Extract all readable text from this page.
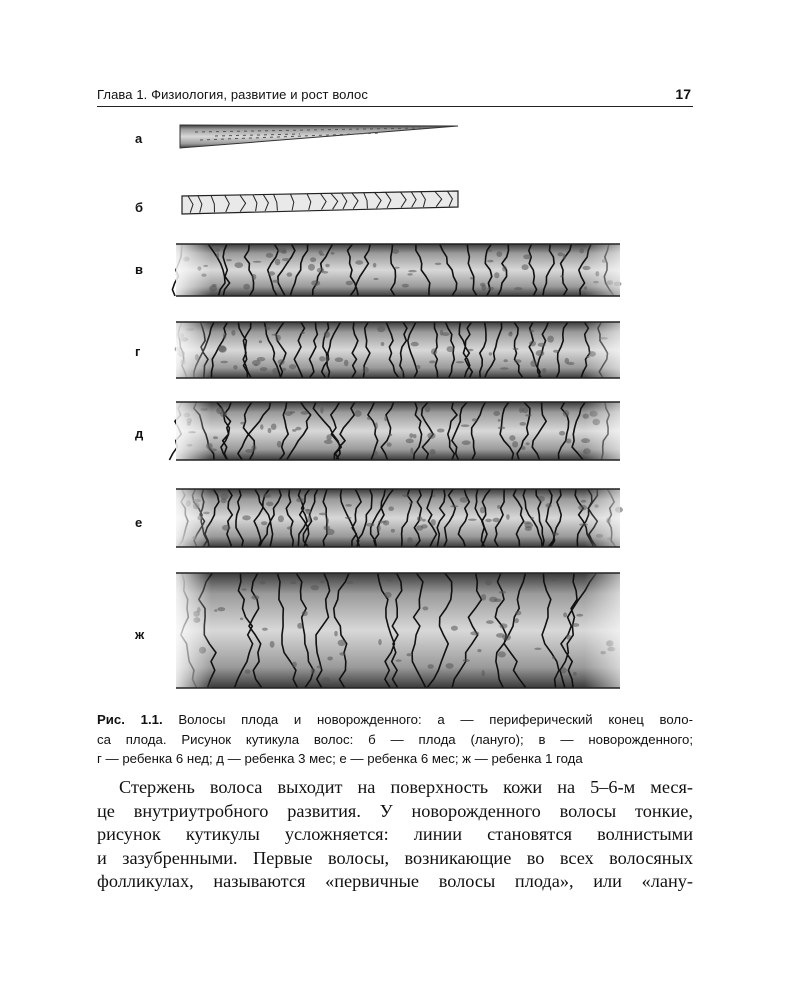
Глава 1. Физиология, развитие и рост волос	17
а
б
в
г
д
е
ж
Рис. 1.1. Волосы плода и новорожденного: а — периферический конец воло-
са плода. Рисунок кутикула волос: б — плода (лануго); в — новорожденного;
г — ребенка 6 нед; д — ребенка 3 мес; е — ребенка 6 мес; ж — ребенка 1 года
Стержень волоса выходит на поверхность кожи на 5–6-м меся-
це внутриутробного развития. У новорожденного волосы тонкие,
рисунок кутикулы усложняется: линии становятся волнистыми
и зазубренными. Первые волосы, возникающие во всех волосяных
фолликулах, называются «первичные волосы плода», или «лану-
